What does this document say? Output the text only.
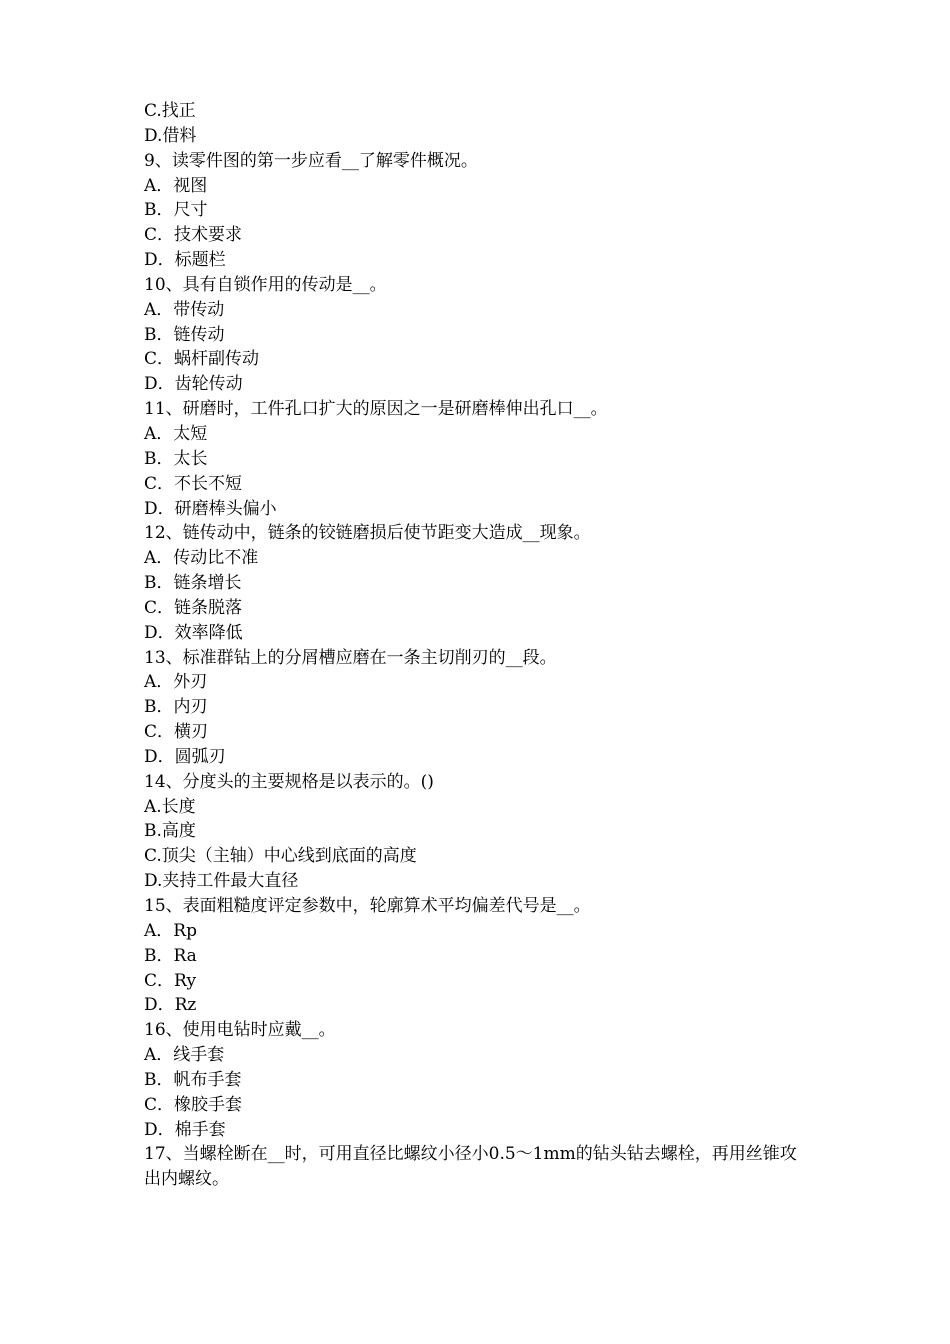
C.找正
D.借料
9、读零件图的第一步应看__了解零件概况。
A．视图
B．尺寸
C．技术要求
D．标题栏
10、具有自锁作用的传动是__。
A．带传动
B．链传动
C．蜗杆副传动
D．齿轮传动
11、研磨时，工件孔口扩大的原因之一是研磨棒伸出孔口__。
A．太短
B．太长
C．不长不短
D．研磨棒头偏小
12、链传动中，链条的铰链磨损后使节距变大造成__现象。
A．传动比不准
B．链条增长
C．链条脱落
D．效率降低
13、标准群钻上的分屑槽应磨在一条主切削刃的__段。
A．外刃
B．内刃
C．横刃
D．圆弧刃
14、分度头的主要规格是以表示的。()
A.长度
B.高度
C.顶尖（主轴）中心线到底面的高度
D.夹持工件最大直径
15、表面粗糙度评定参数中，轮廓算术平均偏差代号是__。
A．Rp
B．Ra
C．Ry
D．Rz
16、使用电钻时应戴__。
A．线手套
B．帆布手套
C．橡胶手套
D．棉手套
17、当螺栓断在__时，可用直径比螺纹小径小0.5～1mm的钻头钻去螺栓，再用丝锥攻出内螺纹。
